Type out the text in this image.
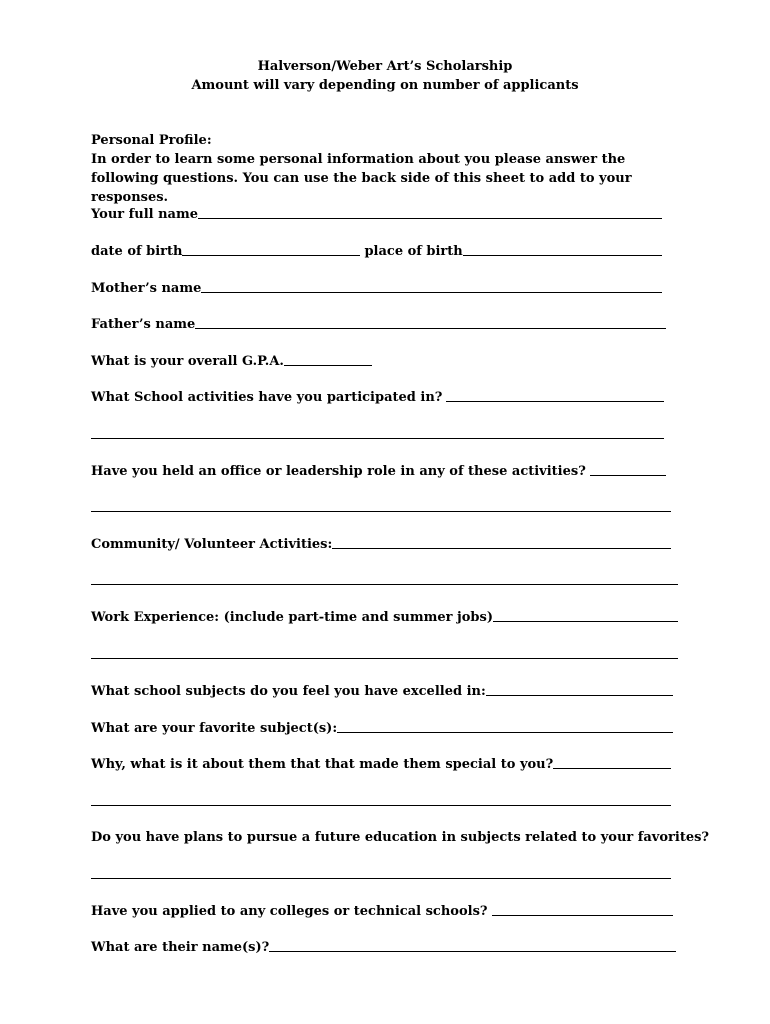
Halverson/Weber Art’s Scholarship
Amount will vary depending on number of applicants
Personal Profile:
In order to learn some personal information about you please answer the following questions. You can use the back side of this sheet to add to your responses.
Your full name
date of birth	place of birth
Mother’s name
Father’s name
What is your overall G.P.A.
What School activities have you participated in?
Have you held an office or leadership role in any of these activities?
Community/ Volunteer Activities:
Work Experience: (include part-time and summer jobs)
What school subjects do you feel you have excelled in:
What are your favorite subject(s):
Why, what is it about them that that made them special to you?
Do you have plans to pursue a future education in subjects related to your favorites?
Have you applied to any colleges or technical schools?
What are their name(s)?
